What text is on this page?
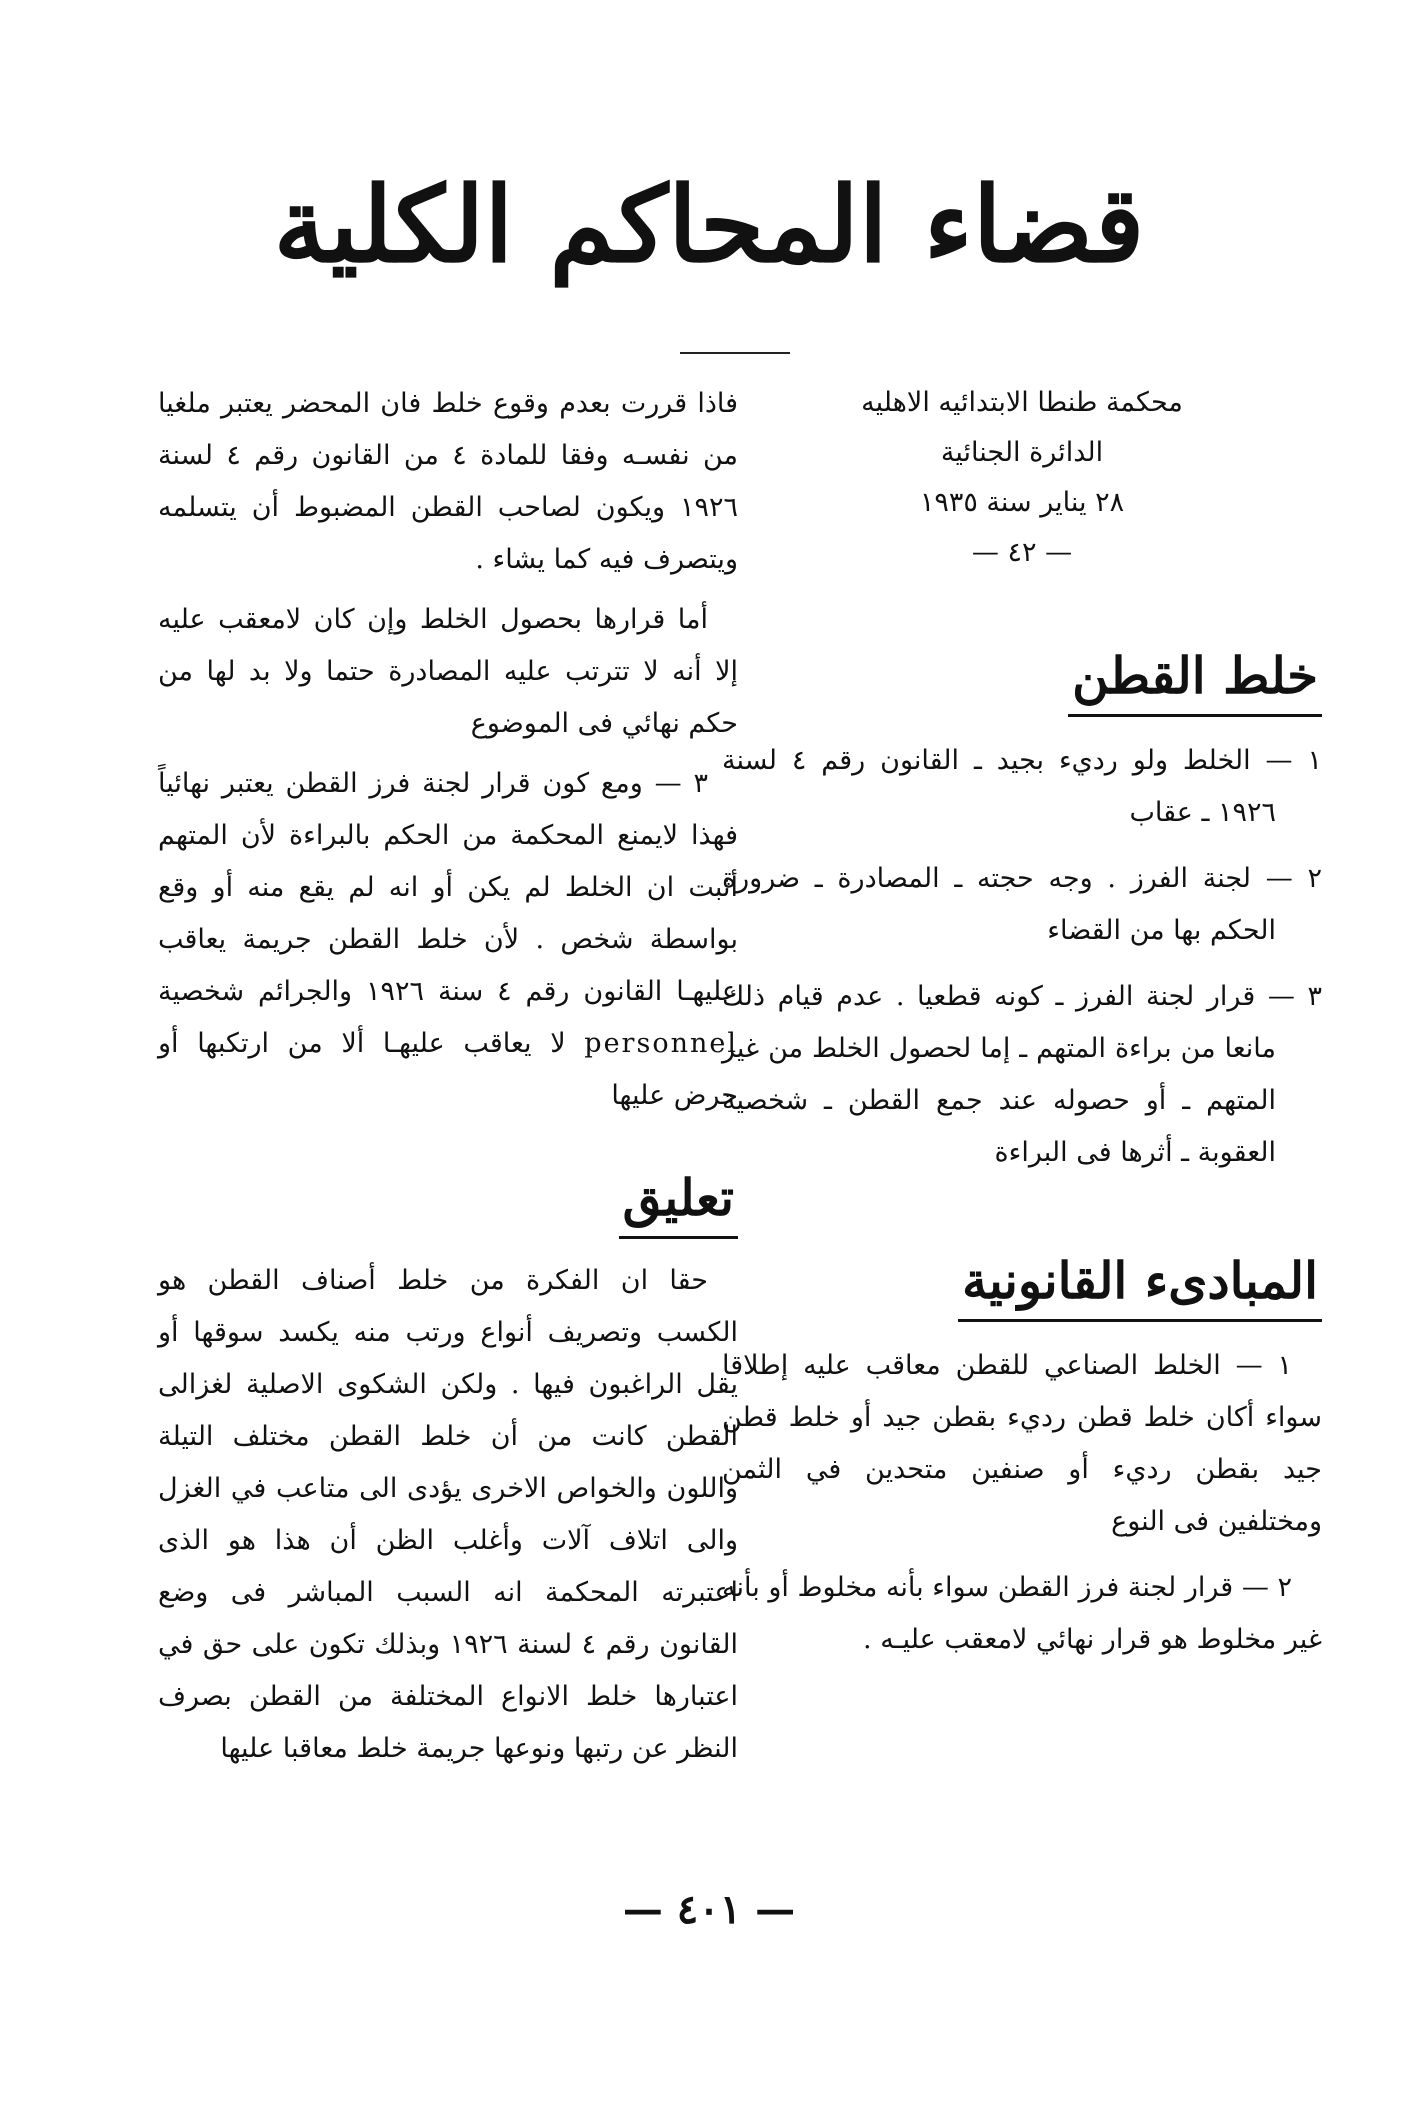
قضاء المحاكم الكلية
محكمة طنطا الابتدائيه الاهليه
الدائرة الجنائية
٢٨ يناير سنة ١٩٣٥
— ٤٢ —
خلط القطن

١ — الخلط ولو رديء بجيد ـ القانون رقم ٤ لسنة ١٩٢٦ ـ عقاب

٢ — لجنة الفرز . وجه حجته ـ المصادرة ـ ضرورة الحكم بها من القضاء

٣ — قرار لجنة الفرز ـ كونه قطعيا . عدم قيام ذلك مانعا من براءة المتهم ـ إما لحصول الخلط من غير المتهم ـ أو حصوله عند جمع القطن ـ شخصية العقوبة ـ أثرها فى البراءة

المبادىء القانونية

١ — الخلط الصناعي للقطن معاقب عليه إطلاقا سواء أكان خلط قطن رديء بقطن جيد أو خلط قطن جيد بقطن رديء أو صنفين متحدين في الثمن ومختلفين فى النوع

٢ — قرار لجنة فرز القطن سواء بأنه مخلوط أو بأنه غير مخلوط هو قرار نهائي لامعقب عليـه .

فاذا قررت بعدم وقوع خلط فان المحضر يعتبر ملغيا من نفسـه وفقا للمادة ٤ من القانون رقم ٤ لسنة ١٩٢٦ ويكون لصاحب القطن المضبوط أن يتسلمه ويتصرف فيه كما يشاء .

أما قرارها بحصول الخلط وإن كان لامعقب عليه إلا أنه لا تترتب عليه المصادرة حتما ولا بد لها من حكم نهائي فى الموضوع

٣ — ومع كون قرار لجنة فرز القطن يعتبر نهائياً فهذا لايمنع المحكمة من الحكم بالبراءة لأن المتهم أثبت ان الخلط لم يكن أو انه لم يقع منه أو وقع بواسطة شخص . لأن خلط القطن جريمة يعاقب عليهـا القانون رقم ٤ سنة ١٩٢٦ والجرائم شخصية personnel لا يعاقب عليهـا ألا من ارتكبها أو حرض عليها

تعليق

حقا ان الفكرة من خلط أصناف القطن هو الكسب وتصريف أنواع ورتب منه يكسد سوقها أو يقل الراغبون فيها . ولكن الشكوى الاصلية لغزالى القطن كانت من أن خلط القطن مختلف التيلة واللون والخواص الاخرى يؤدى الى متاعب في الغزل والى اتلاف آلات وأغلب الظن أن هذا هو الذى اعتبرته المحكمة انه السبب المباشر فى وضع القانون رقم ٤ لسنة ١٩٢٦ وبذلك تكون على حق في اعتبارها خلط الانواع المختلفة من القطن بصرف النظر عن رتبها ونوعها جريمة خلط معاقبا عليها

— ٤٠١ —
